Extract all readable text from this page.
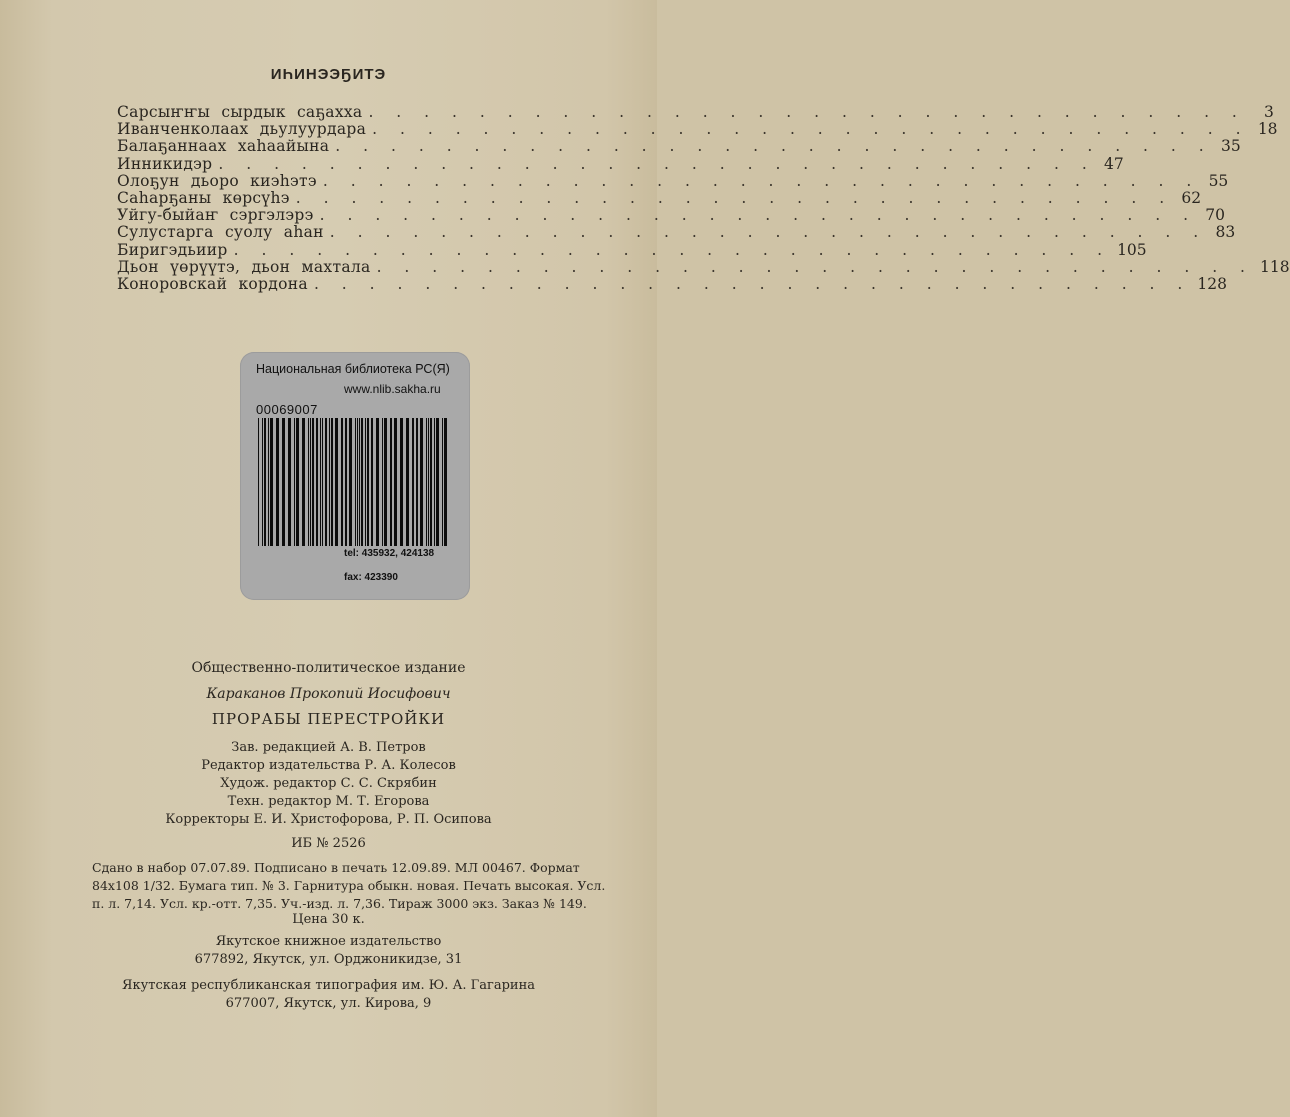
ИҺИНЭЭҔИТЭ
Сарсыҥҥы сырдык саҕахха . . . . . . . . . . . . . . . . . . . . . . . . . . . . . . . .	3
Иванченколаах дьулуурдара . . . . . . . . . . . . . . . . . . . . . . . . . . . . . . . . 18
Балаҕаннаах хаһаайына . . . . . . . . . . . . . . . . . . . . . . . . . . . . . . . . 35
Инникидэр . . . . . . . . . . . . . . . . . . . . . . . . . . . . . . . . 47
Олоҕун дьоро киэһэтэ . . . . . . . . . . . . . . . . . . . . . . . . . . . . . . . . 55
Саһарҕаны көрсүһэ . . . . . . . . . . . . . . . . . . . . . . . . . . . . . . . . 62
Уйгу-быйаҥ сэргэлэрэ . . . . . . . . . . . . . . . . . . . . . . . . . . . . . . . . 70
Сулустарга суолу аһан . . . . . . . . . . . . . . . . . . . . . . . . . . . . . . . . 83
Биригэдьиир . . . . . . . . . . . . . . . . . . . . . . . . . . . . . . . . 105
Дьон үөрүүтэ, дьон махтала . . . . . . . . . . . . . . . . . . . . . . . . . . . . . . . . 118
Коноровскай кордона . . . . . . . . . . . . . . . . . . . . . . . . . . . . . . . . 128
Национальная библиотека РС(Я)
www.nlib.sakha.ru
00069007
tel: 435932, 424138
fax: 423390
Общественно-политическое издание
Караканов Прокопий Иосифович
ПРОРАБЫ ПЕРЕСТРОЙКИ
Зав. редакцией А. В. Петров
Редактор издательства Р. А. Колесов
Худож. редактор С. С. Скрябин
Техн. редактор М. Т. Егорова
Корректоры Е. И. Христофорова, Р. П. Осипова
ИБ № 2526
Сдано в набор 07.07.89. Подписано в печать 12.09.89. МЛ 00467. Формат
84х108 1/32. Бумага тип. № 3. Гарнитура обыкн. новая. Печать высокая. Усл.
п. л. 7,14. Усл. кр.-отт. 7,35. Уч.-изд. л. 7,36. Тираж 3000 экз. Заказ № 149.
Цена 30 к.
Якутское книжное издательство
677892, Якутск, ул. Орджоникидзе, 31
Якутская республиканская типография им. Ю. А. Гагарина
677007, Якутск, ул. Кирова, 9
